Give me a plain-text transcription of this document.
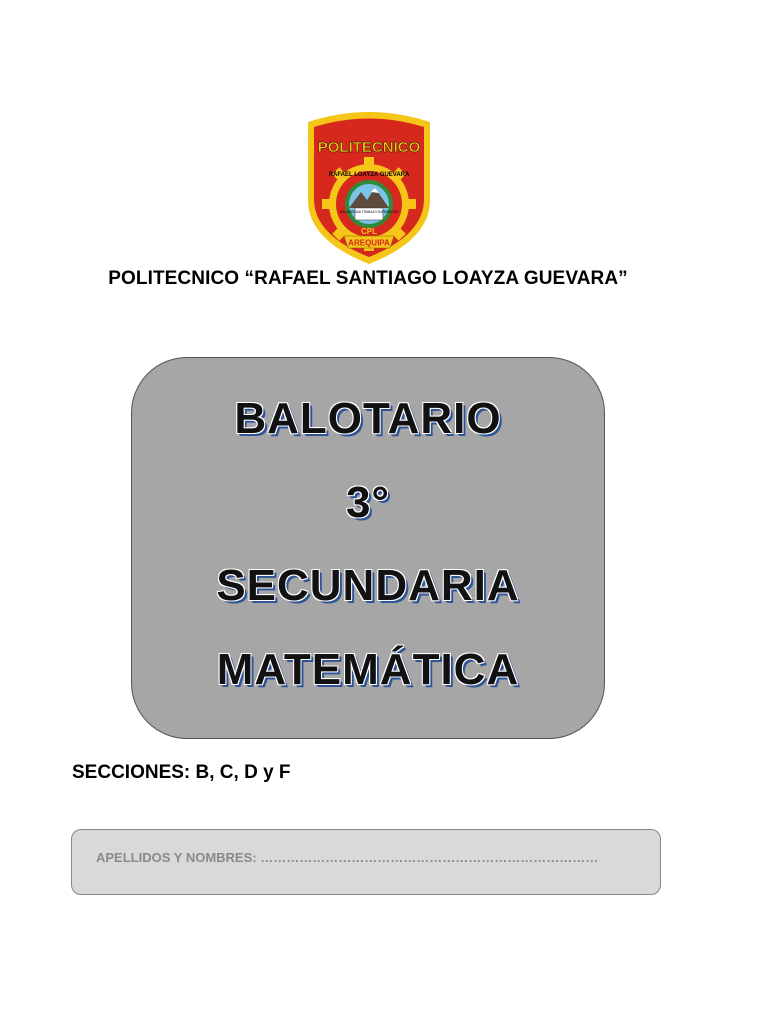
POLITECNICO
SOLIDARIDAD TRABAJO SUPERACION
CPL
RAFAEL LOAYZA GUEVARA
AREQUIPA
POLITECNICO “RAFAEL SANTIAGO LOAYZA GUEVARA”
BALOTARIO
3°
SECUNDARIA
MATEMÁTICA
SECCIONES: B, C, D y F
APELLIDOS Y NOMBRES: ……………………………………………………………………
